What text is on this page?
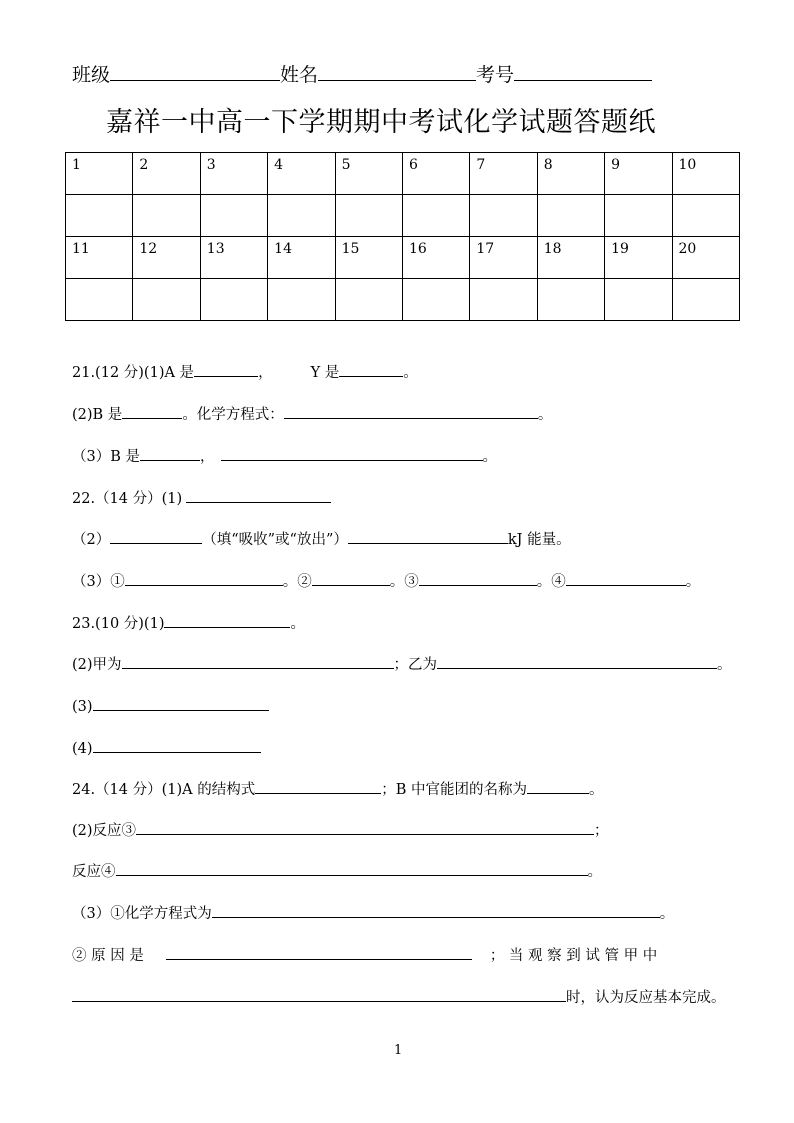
班级	姓名	考号
嘉祥一中高一下学期期中考试化学试题答题纸
1	2	3	4	5	6	7	8	9	10

11	12	13	14	15	16	17	18	19	20

21.(12 分)(1)A 是	，	Y 是	。
(2)B 是	。化学方程式：	。
（3）B 是	，	。
22.（14 分）(1)
（2）	（填“吸收”或“放出”）	kJ 能量。
（3）①	。②	。③	。④	。
23.(10 分)(1)	。
(2)甲为	；乙为	。
(3)
(4)
24.（14 分）(1)A 的结构式	；B 中官能团的名称为	。
(2)反应③	；
反应④	。
（3）①化学方程式为	。
② 原 因 是	； 当 观 察 到 试 管 甲 中
时，认为反应基本完成。
1
